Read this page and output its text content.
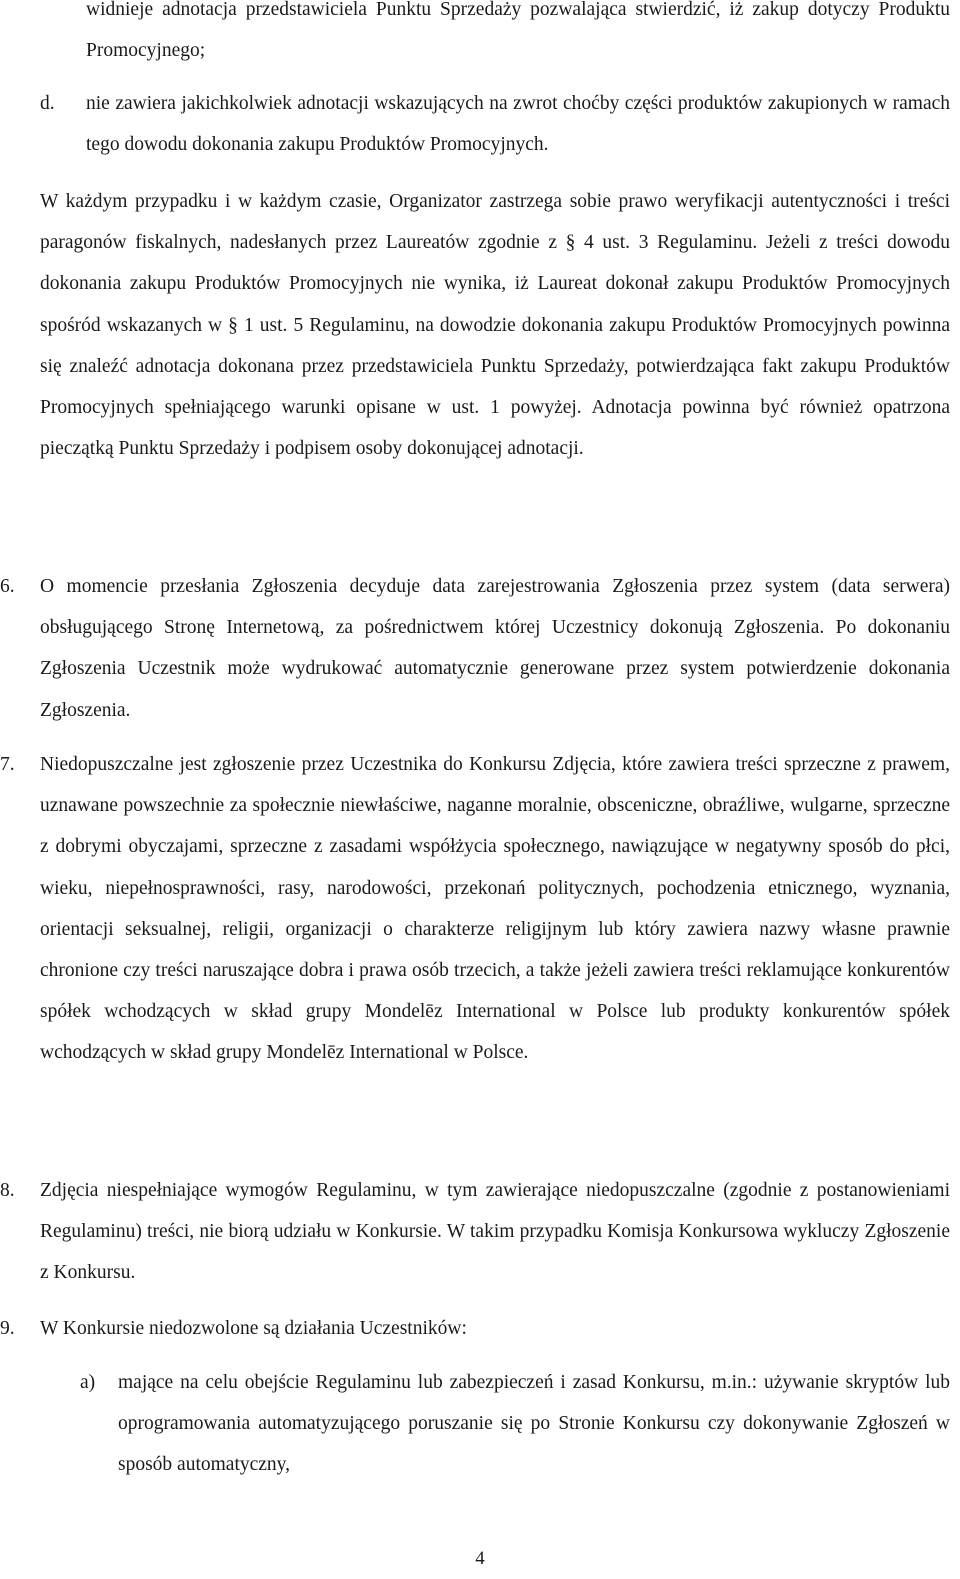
widnieje adnotacja przedstawiciela Punktu Sprzedaży pozwalająca stwierdzić, iż zakup dotyczy Produktu Promocyjnego;

d.	nie zawiera jakichkolwiek adnotacji wskazujących na zwrot choćby części produktów zakupionych w ramach tego dowodu dokonania zakupu Produktów Promocyjnych.

W każdym przypadku i w każdym czasie, Organizator zastrzega sobie prawo weryfikacji autentyczności i treści paragonów fiskalnych, nadesłanych przez Laureatów zgodnie z § 4 ust. 3 Regulaminu. Jeżeli z treści dowodu dokonania zakupu Produktów Promocyjnych nie wynika, iż Laureat dokonał zakupu Produktów Promocyjnych spośród wskazanych w § 1 ust. 5 Regulaminu, na dowodzie dokonania zakupu Produktów Promocyjnych powinna się znaleźć adnotacja dokonana przez przedstawiciela Punktu Sprzedaży, potwierdzająca fakt zakupu Produktów Promocyjnych spełniającego warunki opisane w ust. 1 powyżej. Adnotacja powinna być również opatrzona pieczątką Punktu Sprzedaży i podpisem osoby dokonującej adnotacji.

6.	O momencie przesłania Zgłoszenia decyduje data zarejestrowania Zgłoszenia przez system (data serwera) obsługującego Stronę Internetową, za pośrednictwem której Uczestnicy dokonują Zgłoszenia. Po dokonaniu Zgłoszenia Uczestnik może wydrukować automatycznie generowane przez system potwierdzenie dokonania Zgłoszenia.

7.	Niedopuszczalne jest zgłoszenie przez Uczestnika do Konkursu Zdjęcia, które zawiera treści sprzeczne z prawem, uznawane powszechnie za społecznie niewłaściwe, naganne moralnie, obsceniczne, obraźliwe, wulgarne, sprzeczne z dobrymi obyczajami, sprzeczne z zasadami współżycia społecznego, nawiązujące w negatywny sposób do płci, wieku, niepełnosprawności, rasy, narodowości, przekonań politycznych, pochodzenia etnicznego, wyznania, orientacji seksualnej, religii, organizacji o charakterze religijnym lub który zawiera nazwy własne prawnie chronione czy treści naruszające dobra i prawa osób trzecich, a także jeżeli zawiera treści reklamujące konkurentów spółek wchodzących w skład grupy Mondelēz International w Polsce lub produkty konkurentów spółek wchodzących w skład grupy Mondelēz International w Polsce.

8.	Zdjęcia niespełniające wymogów Regulaminu, w tym zawierające niedopuszczalne (zgodnie z postanowieniami Regulaminu) treści, nie biorą udziału w Konkursie. W takim przypadku Komisja Konkursowa wykluczy Zgłoszenie z Konkursu.

9.	W Konkursie niedozwolone są działania Uczestników:

a)	mające na celu obejście Regulaminu lub zabezpieczeń i zasad Konkursu, m.in.: używanie skryptów lub oprogramowania automatyzującego poruszanie się po Stronie Konkursu czy dokonywanie Zgłoszeń w sposób automatyczny,

4
